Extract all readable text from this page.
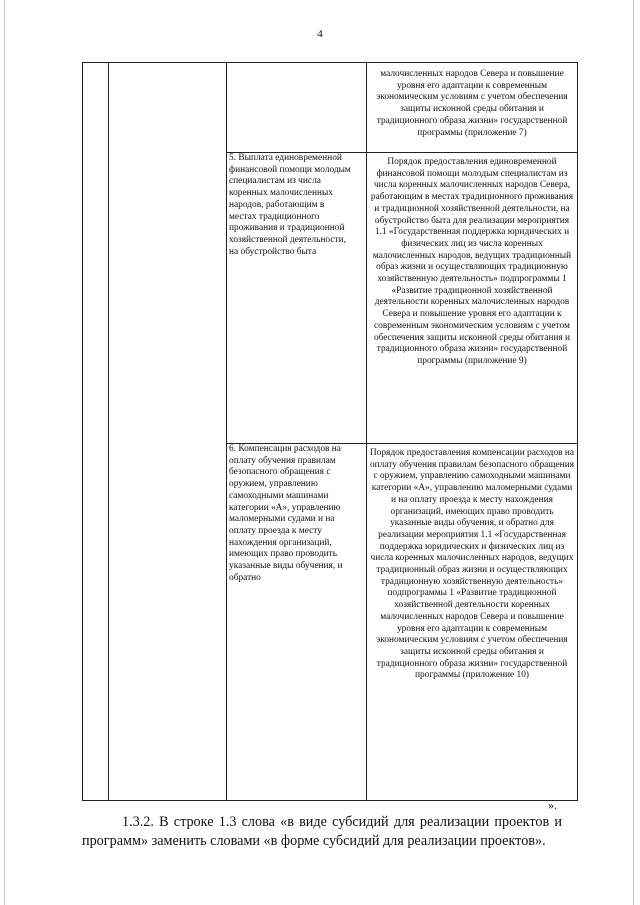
4
5. Выплата единовременной финансовой помощи молодым специалистам из числа коренных малочисленных народов, работающим в местах традиционного проживания и традиционной хозяйственной деятельности, на обустройство быта
6. Компенсация расходов на оплату обучения правилам безопасного обращения с оружием, управлению самоходными машинами категории «А», управлению маломерными судами и на оплату проезда к месту нахождения организаций, имеющих право проводить указанные виды обучения, и обратно
малочисленных народов Севера и повышение уровня его адаптации к современным экономическим условиям с учетом обеспечения защиты исконной среды обитания и традиционного образа жизни» государственной программы (приложение 7)
Порядок предоставления единовременной финансовой помощи молодым специалистам из числа коренных малочисленных народов Севера, работающим в местах традиционного проживания и традиционной хозяйственной деятельности, на обустройство быта для реализации мероприятия 1.1 «Государственная поддержка юридических и физических лиц из числа коренных малочисленных народов, ведущих традиционный образ жизни и осуществляющих традиционную хозяйственную деятельность» подпрограммы 1 «Развитие традиционной хозяйственной деятельности коренных малочисленных народов Севера и повышение уровня его адаптации к современным экономическим условиям с учетом обеспечения защиты исконной среды обитания и традиционного образа жизни» государственной программы (приложение 9)
Порядок предоставления компенсации расходов на оплату обучения правилам безопасного обращения с оружием, управлению самоходными машинами категории «А», управлению маломерными судами и на оплату проезда к месту нахождения организаций, имеющих право проводить указанные виды обучения, и обратно для реализации мероприятия 1.1 «Государственная поддержка юридических и физических лиц из числа коренных малочисленных народов, ведущих традиционный образ жизни и осуществляющих традиционную хозяйственную деятельность» подпрограммы 1 «Развитие традиционной хозяйственной деятельности коренных малочисленных народов Севера и повышение уровня его адаптации к современным экономическим условиям с учетом обеспечения защиты исконной среды обитания и традиционного образа жизни» государственной программы (приложение 10)
».
1.3.2. В строке 1.3 слова «в виде субсидий для реализации проектов и программ» заменить словами «в форме субсидий для реализации проектов».
